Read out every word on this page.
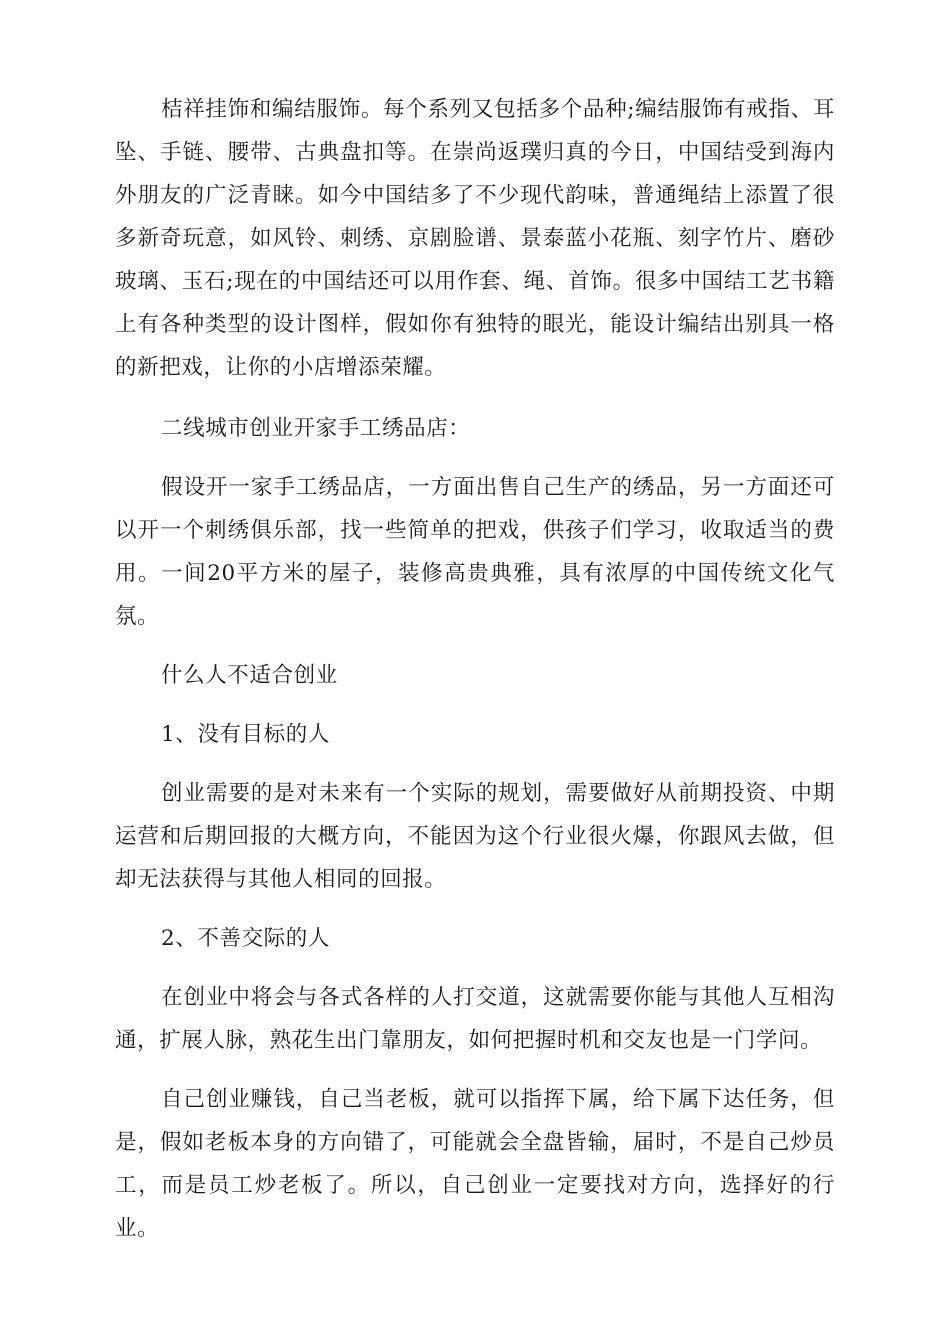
桔祥挂饰和编结服饰。每个系列又包括多个品种;编结服饰有戒指、耳坠、手链、腰带、古典盘扣等。在崇尚返璞归真的今日，中国结受到海内外朋友的广泛青睐。如今中国结多了不少现代韵味，普通绳结上添置了很多新奇玩意，如风铃、刺绣、京剧脸谱、景泰蓝小花瓶、刻字竹片、磨砂玻璃、玉石;现在的中国结还可以用作套、绳、首饰。很多中国结工艺书籍上有各种类型的设计图样，假如你有独特的眼光，能设计编结出别具一格的新把戏，让你的小店增添荣耀。

二线城市创业开家手工绣品店：

假设开一家手工绣品店，一方面出售自己生产的绣品，另一方面还可以开一个刺绣俱乐部，找一些简单的把戏，供孩子们学习，收取适当的费用。一间20平方米的屋子，装修高贵典雅，具有浓厚的中国传统文化气氛。

什么人不适合创业

1、没有目标的人

创业需要的是对未来有一个实际的规划，需要做好从前期投资、中期运营和后期回报的大概方向，不能因为这个行业很火爆，你跟风去做，但却无法获得与其他人相同的回报。

2、不善交际的人

在创业中将会与各式各样的人打交道，这就需要你能与其他人互相沟通，扩展人脉，熟花生出门靠朋友，如何把握时机和交友也是一门学问。

自己创业赚钱，自己当老板，就可以指挥下属，给下属下达任务，但是，假如老板本身的方向错了，可能就会全盘皆输，届时，不是自己炒员工，而是员工炒老板了。所以，自己创业一定要找对方向，选择好的行业。
